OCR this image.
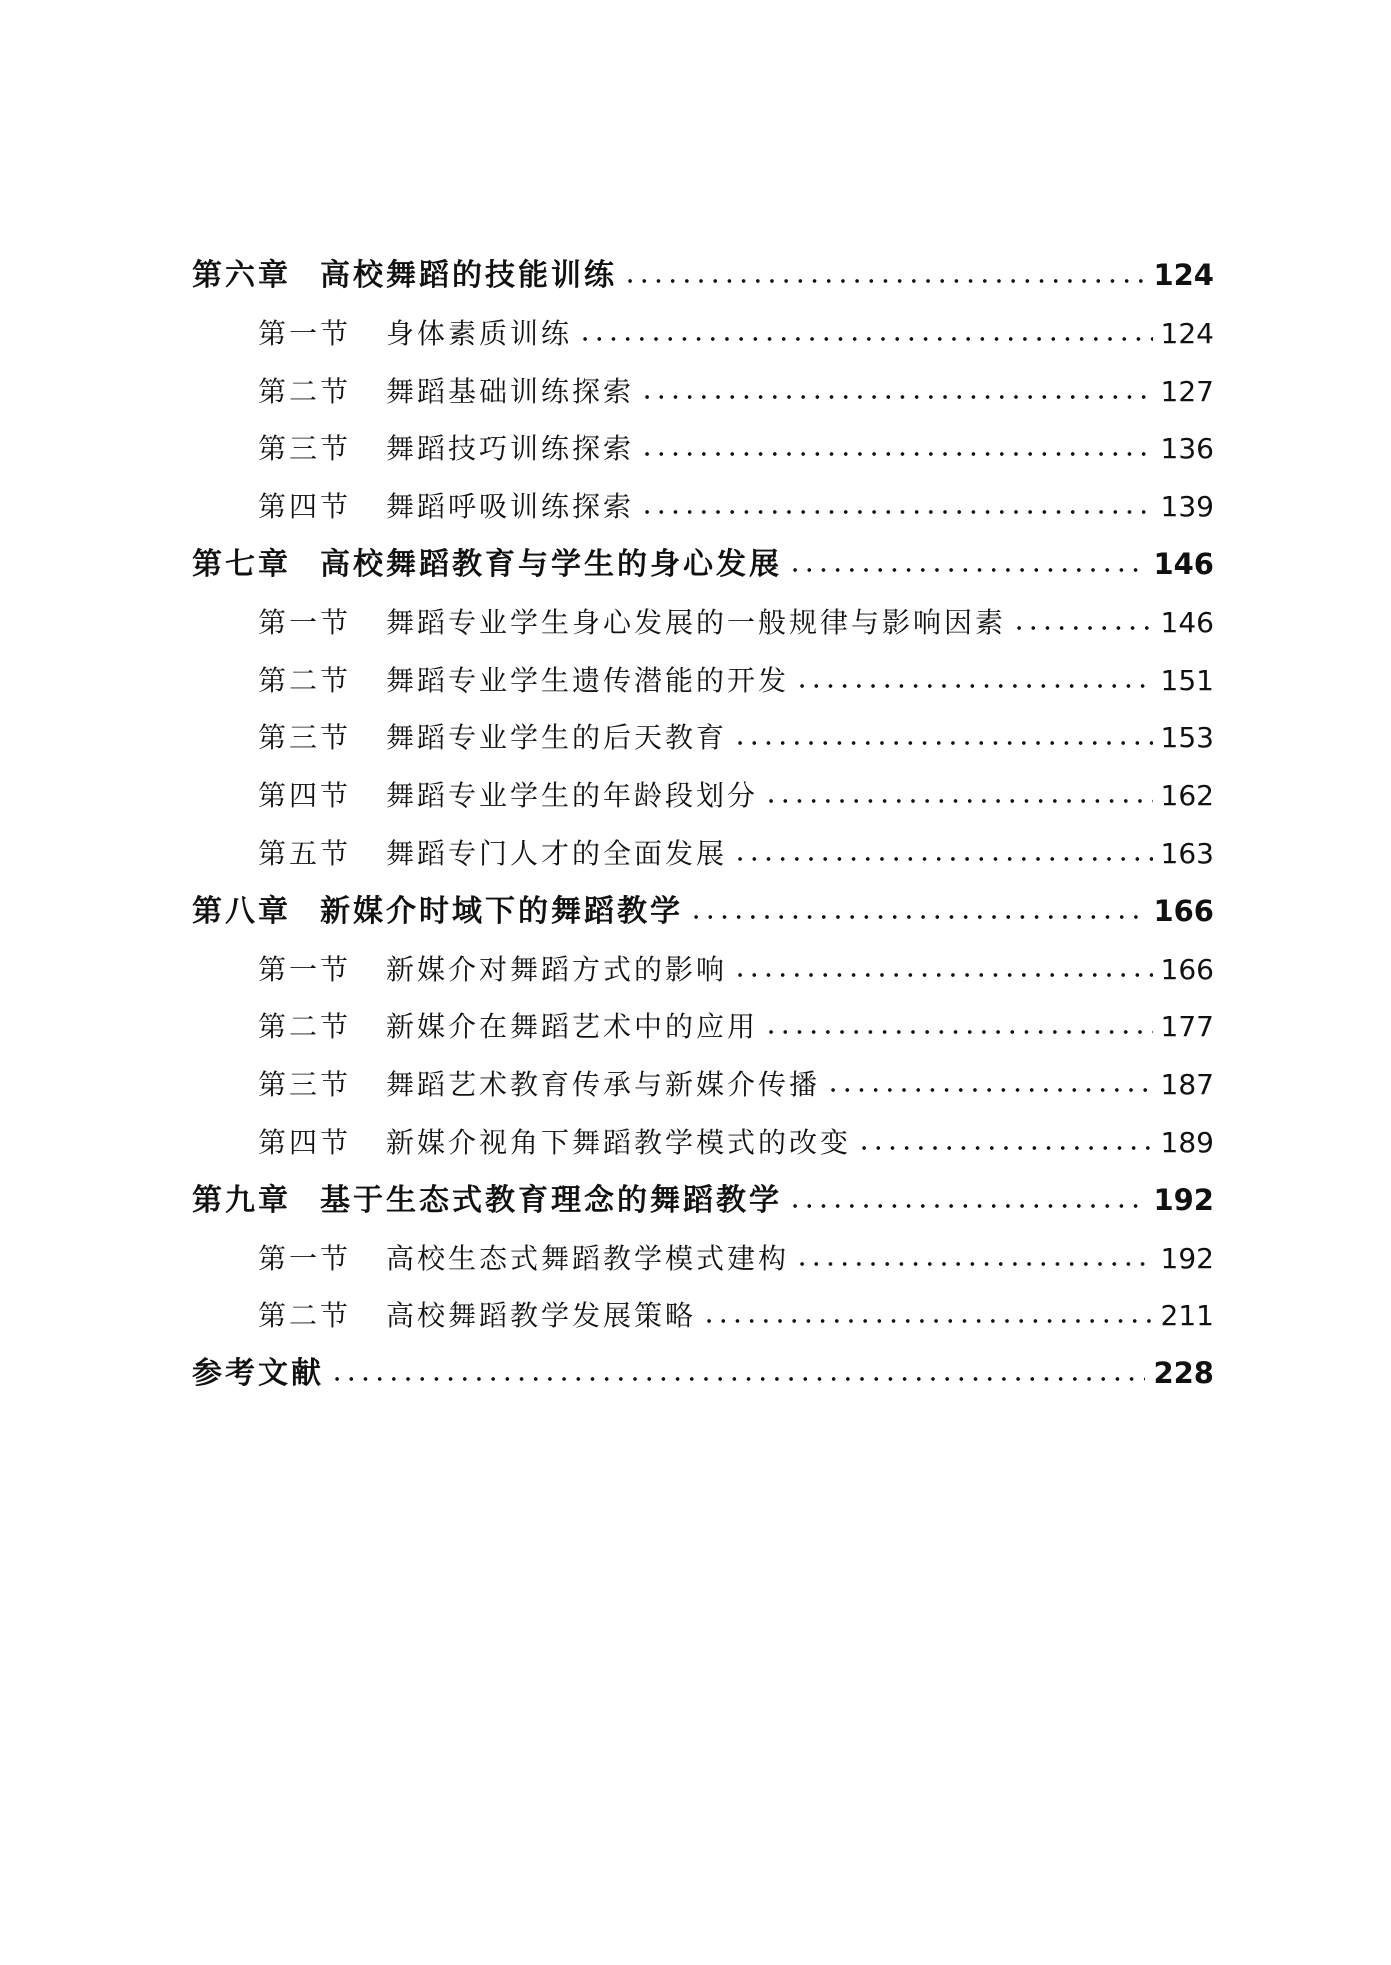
第六章 高校舞蹈的技能训练	124
第一节	身体素质训练	124
第二节	舞蹈基础训练探索	127
第三节	舞蹈技巧训练探索	136
第四节	舞蹈呼吸训练探索	139
第七章 高校舞蹈教育与学生的身心发展	146
第一节	舞蹈专业学生身心发展的一般规律与影响因素	146
第二节	舞蹈专业学生遗传潜能的开发	151
第三节	舞蹈专业学生的后天教育	153
第四节	舞蹈专业学生的年龄段划分	162
第五节	舞蹈专门人才的全面发展	163
第八章 新媒介时域下的舞蹈教学	166
第一节	新媒介对舞蹈方式的影响	166
第二节	新媒介在舞蹈艺术中的应用	177
第三节	舞蹈艺术教育传承与新媒介传播	187
第四节	新媒介视角下舞蹈教学模式的改变	189
第九章 基于生态式教育理念的舞蹈教学	192
第一节	高校生态式舞蹈教学模式建构	192
第二节	高校舞蹈教学发展策略	211
参考文献	228
